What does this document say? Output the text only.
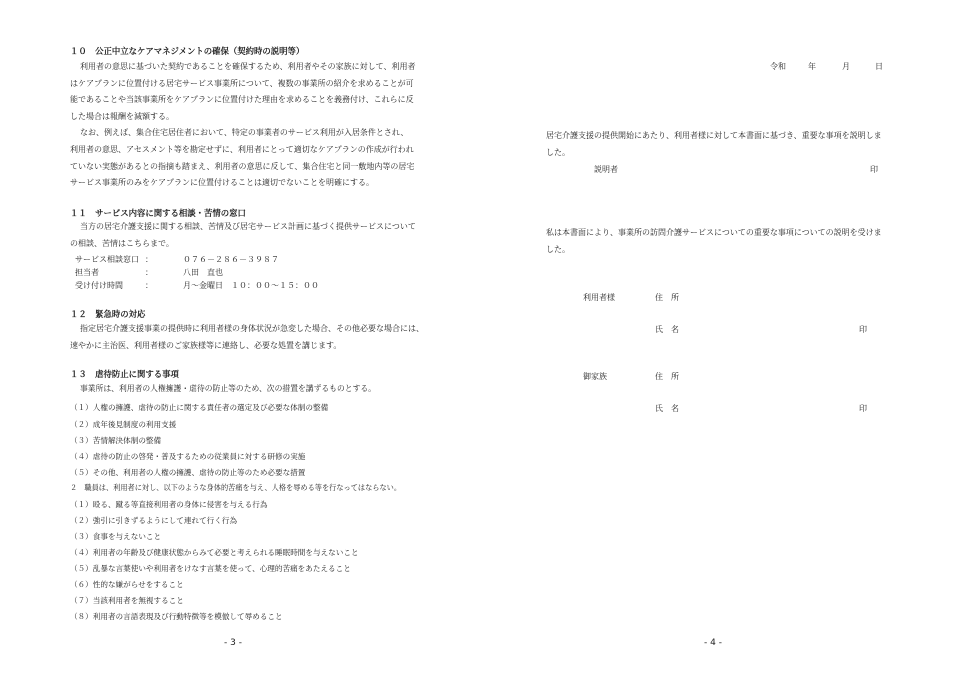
１０　公正中立なケアマネジメントの確保（契約時の説明等）
利用者の意思に基づいた契約であることを確保するため、利用者やその家族に対して、利用者
はケアプランに位置付ける居宅サービス事業所について、複数の事業所の紹介を求めることが可
能であることや当該事業所をケアプランに位置付けた理由を求めることを義務付け、これらに反
した場合は報酬を減額する。
なお、例えば、集合住宅居住者において、特定の事業者のサービス利用が入居条件とされ、
利用者の意思、アセスメント等を勘定せずに、利用者にとって適切なケアプランの作成が行われ
ていない実態があるとの指摘も踏まえ、利用者の意思に反して、集合住宅と同一敷地内等の居宅
サービス事業所のみをケアプランに位置付けることは適切でないことを明確にする。
１１　サービス内容に関する相談・苦情の窓口
当方の居宅介護支援に関する相談、苦情及び居宅サービス計画に基づく提供サービスについて
の相談、苦情はこちらまで。
サービス相談窓口 ：	０７６－２８６－３９８７
担当者	：	八田　直也
受け付け時間	：	月～金曜日　１０：００～１５：００
１２　緊急時の対応
指定居宅介護支援事業の提供時に利用者様の身体状況が急変した場合、その他必要な場合には、
速やかに主治医、利用者様のご家族様等に連絡し、必要な処置を講じます。
１３　虐待防止に関する事項
事業所は、利用者の人権擁護・虐待の防止等のため、次の措置を講ずるものとする。
（１）人権の擁護、虐待の防止に関する責任者の選定及び必要な体制の整備
（２）成年後見制度の利用支援
（３）苦情解決体制の整備
（４）虐待の防止の啓発・普及するための従業員に対する研修の実施
（５）その他、利用者の人権の擁護、虐待の防止等のため必要な措置
２　職員は、利用者に対し、以下のような身体的苦痛を与え、人格を辱める等を行なってはならない。
（１）殴る、蹴る等直接利用者の身体に侵害を与える行為
（２）強引に引きずるようにして連れて行く行為
（３）食事を与えないこと
（４）利用者の年齢及び健康状態からみて必要と考えられる睡眠時間を与えないこと
（５）乱暴な言葉使いや利用者をけなす言葉を使って、心理的苦痛をあたえること
（６）性的な嫌がらせをすること
（７）当該利用者を無視すること
（８）利用者の言語表現及び行動特徴等を模倣して辱めること
- 3 -
令和	年	月	日
居宅介護支援の提供開始にあたり、利用者様に対して本書面に基づき、重要な事項を説明しま
した。
説明者	印
私は本書面により、事業所の訪問介護サービスについての重要な事項についての説明を受けま
した。
利用者様	住　所
氏　名	印
御家族	住　所
氏　名	印
- 4 -
